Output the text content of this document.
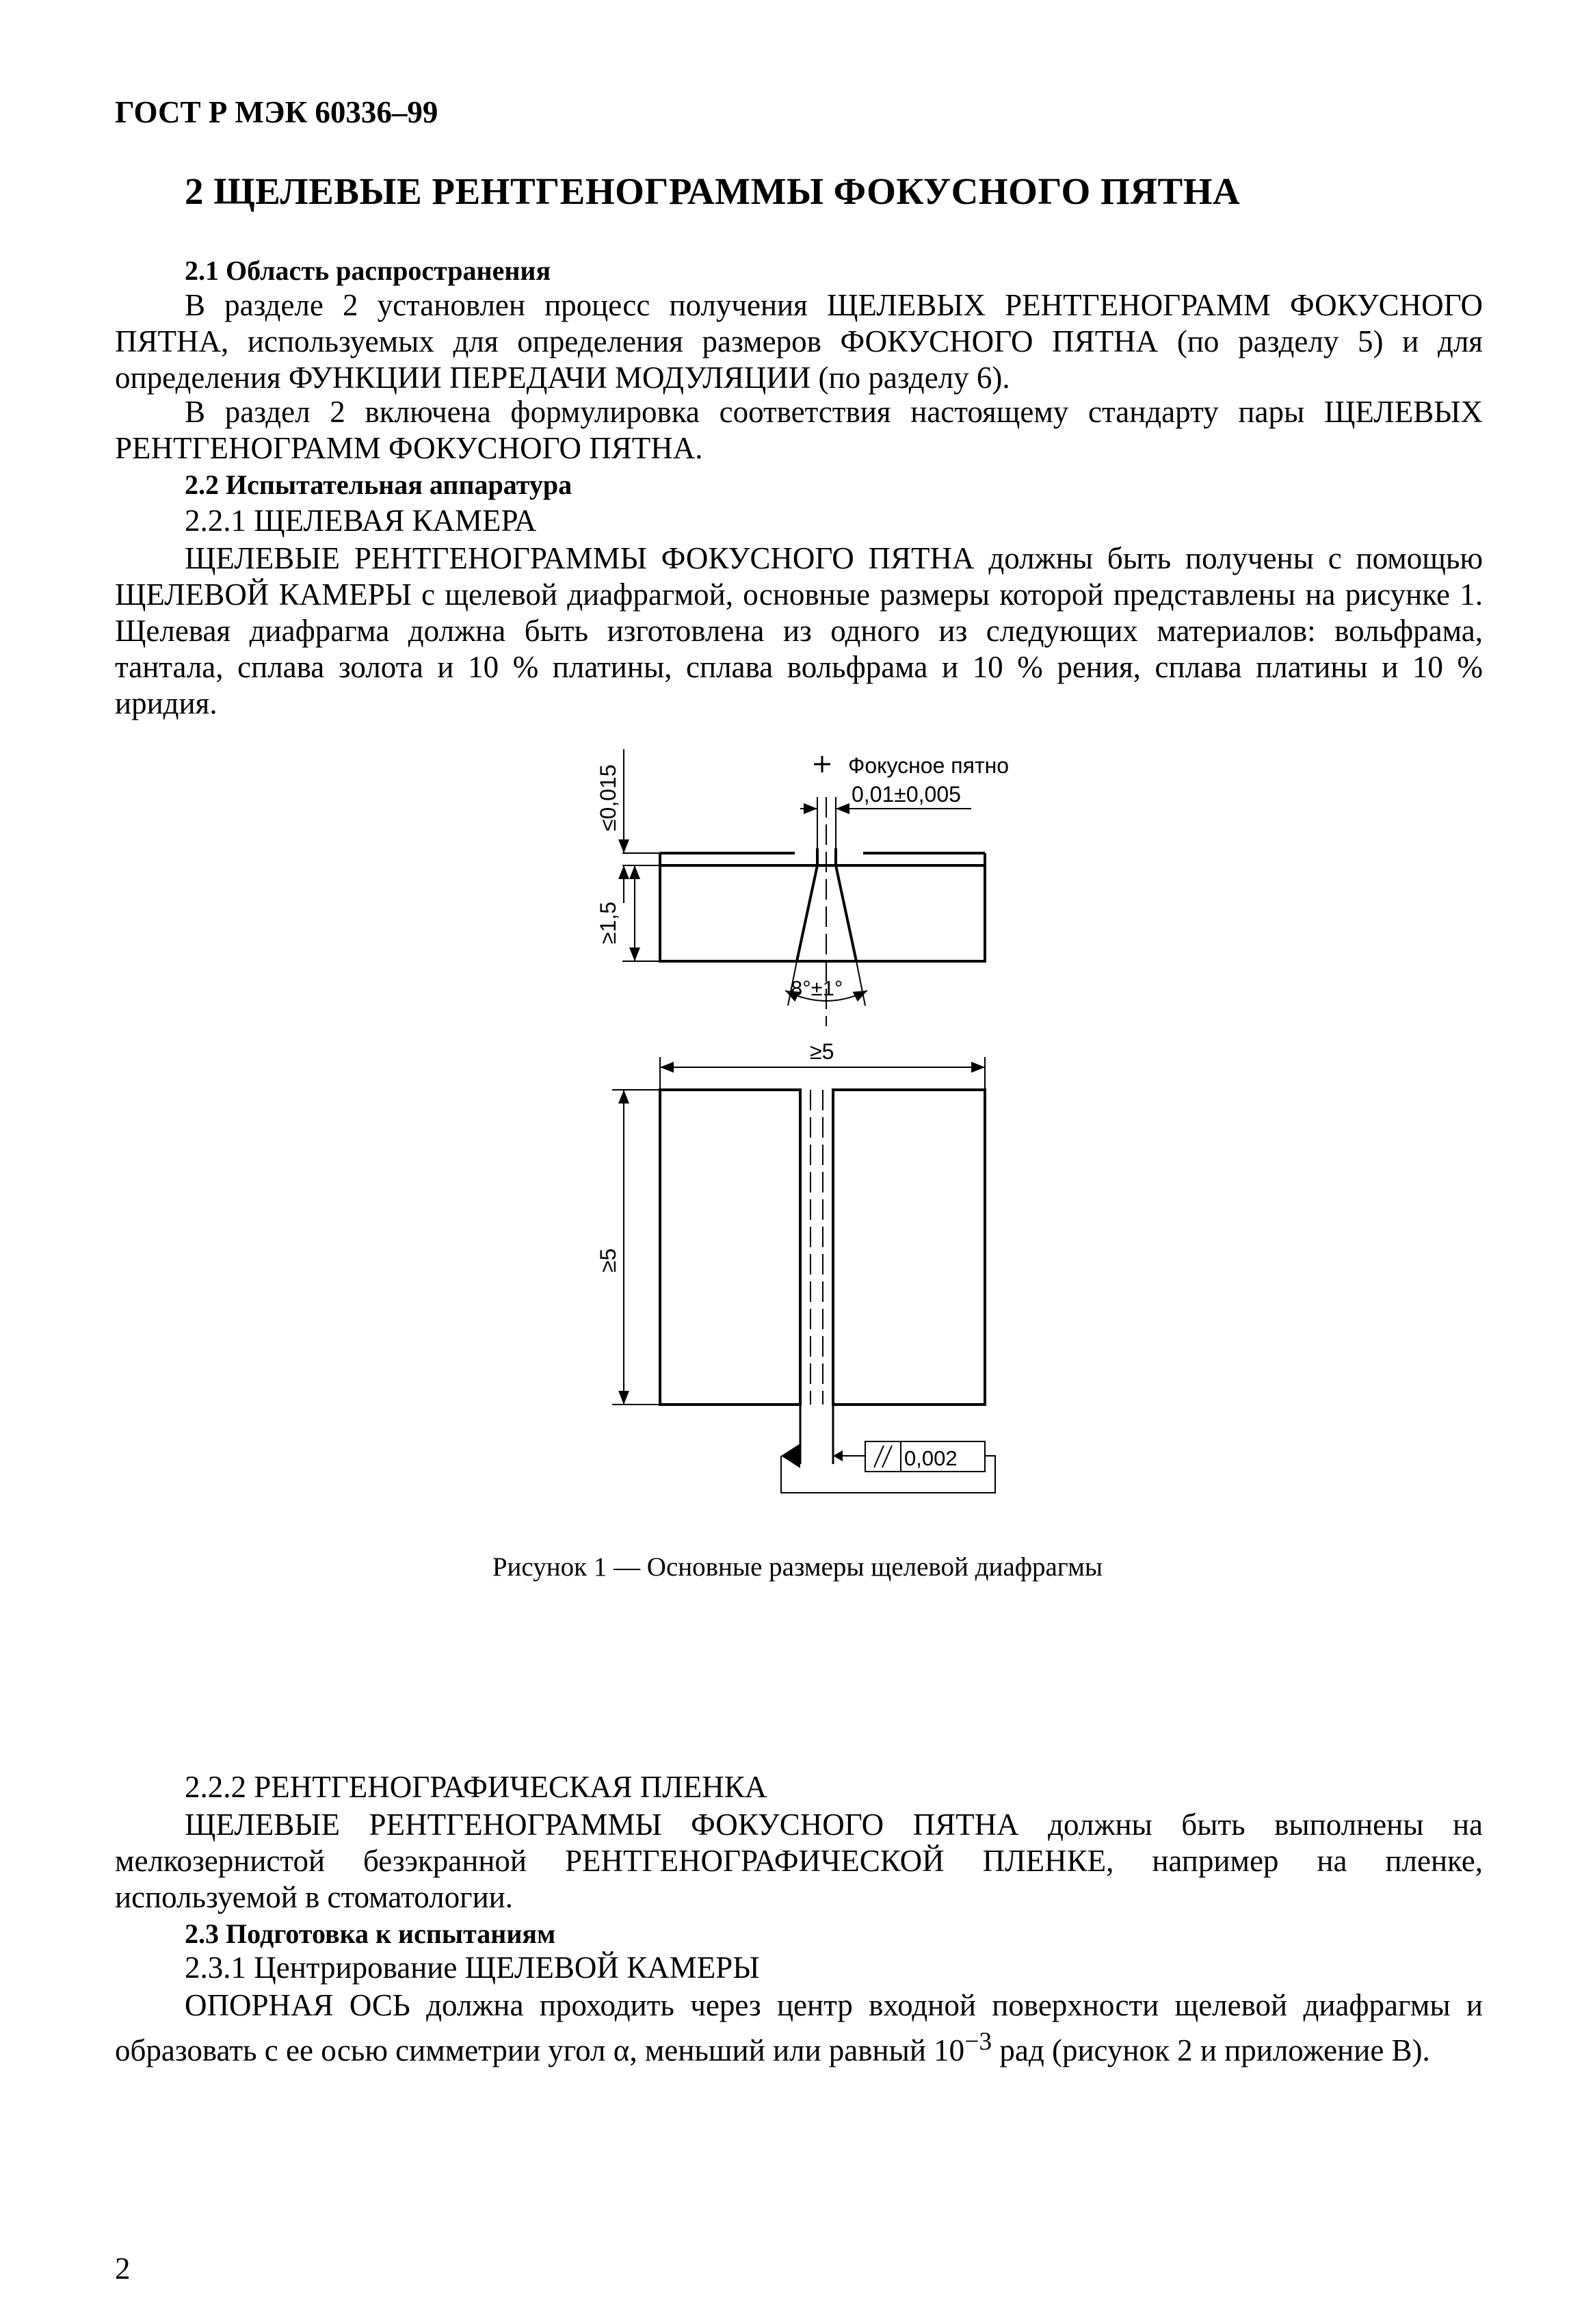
ГОСТ Р МЭК 60336–99
2 ЩЕЛЕВЫЕ РЕНТГЕНОГРАММЫ ФОКУСНОГО ПЯТНА
2.1 Область распространения
В разделе 2 установлен процесс получения ЩЕЛЕВЫХ РЕНТГЕНОГРАММ ФОКУСНОГО ПЯТНА, используемых для определения размеров ФОКУСНОГО ПЯТНА (по разделу 5) и для определения ФУНКЦИИ ПЕРЕДАЧИ МОДУЛЯЦИИ (по разделу 6).
В раздел 2 включена формулировка соответствия настоящему стандарту пары ЩЕЛЕВЫХ РЕНТГЕНОГРАММ ФОКУСНОГО ПЯТНА.
2.2 Испытательная аппаратура
2.2.1 ЩЕЛЕВАЯ КАМЕРА
ЩЕЛЕВЫЕ РЕНТГЕНОГРАММЫ ФОКУСНОГО ПЯТНА должны быть получены с помощью ЩЕЛЕВОЙ КАМЕРЫ с щелевой диафрагмой, основные размеры которой представлены на рисунке 1. Щелевая диафрагма должна быть изготовлена из одного из следующих материалов: вольфрама, тантала, сплава золота и 10 % платины, сплава вольфрама и 10 % рения, сплава платины и 10 % иридия.
Фокусное пятно
0,01±0,005
≤0,015
≥1,5
8°±1°
≥5
≥5
0,002
Рисунок 1 — Основные размеры щелевой диафрагмы
2.2.2 РЕНТГЕНОГРАФИЧЕСКАЯ ПЛЕНКА
ЩЕЛЕВЫЕ РЕНТГЕНОГРАММЫ ФОКУСНОГО ПЯТНА должны быть выполнены на мелкозернистой безэкранной РЕНТГЕНОГРАФИЧЕСКОЙ ПЛЕНКЕ, например на пленке, используемой в стоматологии.
2.3 Подготовка к испытаниям
2.3.1 Центрирование ЩЕЛЕВОЙ КАМЕРЫ
ОПОРНАЯ ОСЬ должна проходить через центр входной поверхности щелевой диафрагмы и образовать с ее осью симметрии угол α, меньший или равный $10^{-3}$ рад (рисунок 2 и приложение В).
2
